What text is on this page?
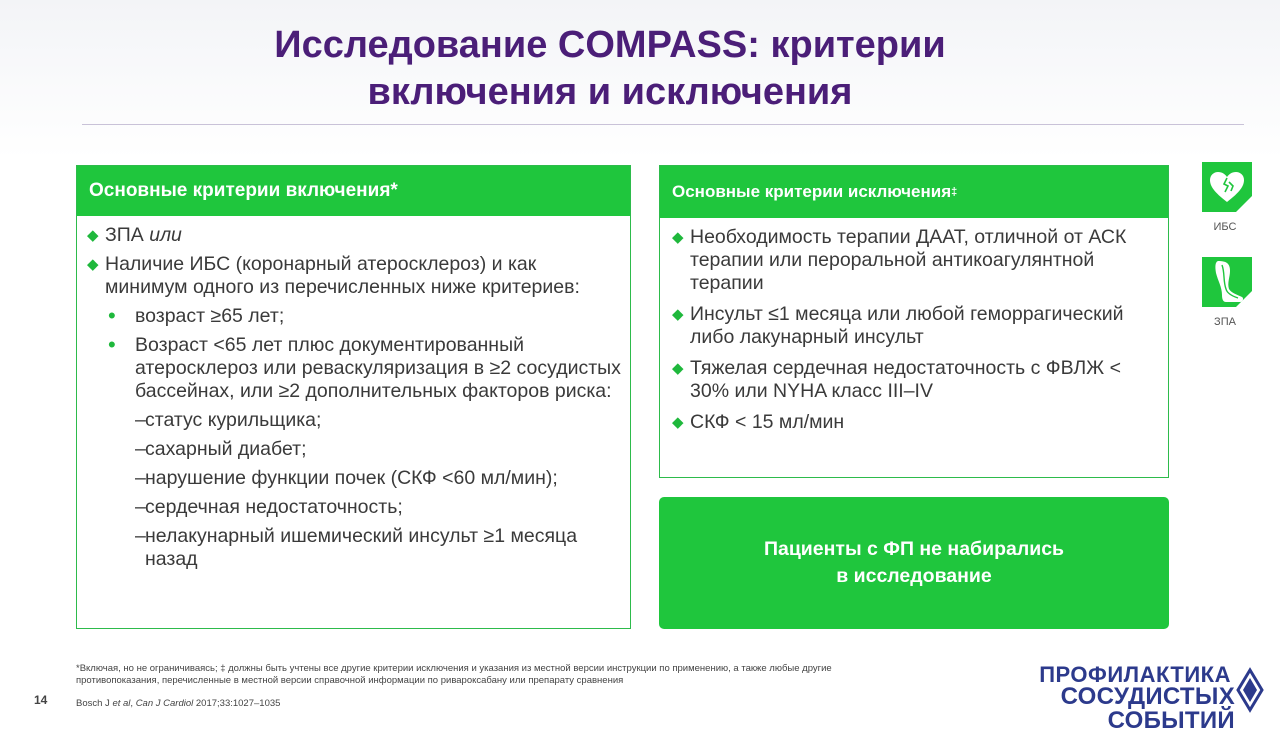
Исследование COMPASS: критерии
включения и исключения
Основные критерии включения*
◆ ЗПА или
◆ Наличие ИБС (коронарный атеросклероз) и как минимум одного из перечисленных ниже критериев:
• возраст ≥65 лет;
• Возраст <65 лет плюс документированный атеросклероз или реваскуляризация в ≥2 сосудистых бассейнах, или ≥2 дополнительных факторов риска:
– статус курильщика;
– сахарный диабет;
– нарушение функции почек (СКФ <60 мл/мин);
– сердечная недостаточность;
– нелакунарный ишемический инсульт ≥1 месяца назад
Основные критерии исключения ‡
◆ Необходимость терапии ДААТ, отличной от АСК терапии или пероральной антикоагулянтной терапии
◆ Инсульт ≤1 месяца или любой геморрагический либо лакунарный инсульт
◆ Тяжелая сердечная недостаточность с ФВЛЖ < 30% или NYHA класс III–IV
◆ СКФ < 15 мл/мин
Пациенты с ФП не набирались
в исследование
ИБС
ЗПА
*Включая, но не ограничиваясь; ‡ должны быть учтены все другие критерии исключения и указания из местной версии инструкции по применению, а также любые другие противопоказания, перечисленные в местной версии справочной информации по ривароксабану или препарату сравнения
Bosch J et al, Can J Cardiol 2017;33:1027–1035
14
ПРОФИЛАКТИКА
СОСУДИСТЫХ СОБЫТИЙ
